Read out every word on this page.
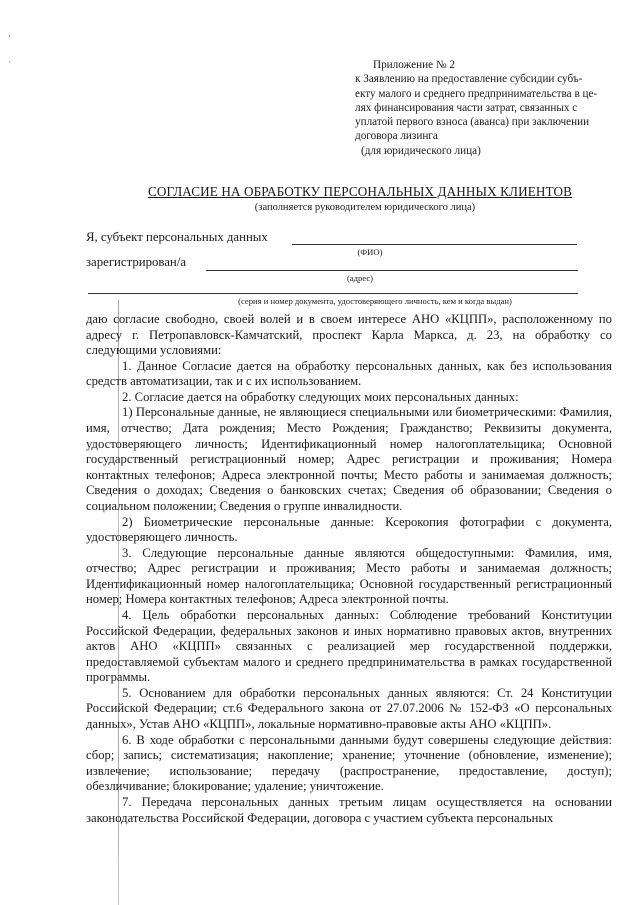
‘
·	Приложение № 2
к Заявлению на предоставление субсидии субъ-
екту малого и среднего предпринимательства в це-
лях финансирования части затрат, связанных с
уплатой первого взноса (аванса) при заключении
договора лизинга
(для юридического лица)
СОГЛАСИЕ НА ОБРАБОТКУ ПЕРСОНАЛЬНЫХ ДАННЫХ КЛИЕНТОВ
(заполняется руководителем юридического лица)
Я, субъект персональных данных
(ФИО)
зарегистрирован/а
(адрес)
(серия и номер документа, удостоверяющего личность, кем и когда выдан)

даю согласие свободно, своей волей и в своем интересе АНО «КЦПП», расположенному по адресу г. Петропавловск-Камчатский, проспект Карла Маркса, д. 23, на обработку со следующими условиями:

1. Данное Согласие дается на обработку персональных данных, как без использования средств автоматизации, так и с их использованием.

2. Согласие дается на обработку следующих моих персональных данных:

1) Персональные данные, не являющиеся специальными или биометрическими: Фамилия, имя, отчество; Дата рождения; Место Рождения; Гражданство; Реквизиты документа, удостоверяющего личность; Идентификационный номер налогоплательщика; Основной государственный регистрационный номер; Адрес регистрации и проживания; Номера контактных телефонов; Адреса электронной почты; Место работы и занимаемая должность; Сведения о доходах; Сведения о банковских счетах; Сведения об образовании; Сведения о социальном положении; Сведения о группе инвалидности.

2) Биометрические персональные данные: Ксерокопия фотографии с документа, удостоверяющего личность.

3. Следующие персональные данные являются общедоступными: Фамилия, имя, отчество; Адрес регистрации и проживания; Место работы и занимаемая должность; Идентификационный номер налогоплательщика; Основной государственный регистрационный номер; Номера контактных телефонов; Адреса электронной почты.

4. Цель обработки персональных данных: Соблюдение требований Конституции Российской Федерации, федеральных законов и иных нормативно правовых актов, внутренних актов АНО «КЦПП» связанных с реализацией мер государственной поддержки, предоставляемой субъектам малого и среднего предпринимательства в рамках государственной программы.

5. Основанием для обработки персональных данных являются: Ст. 24 Конституции Российской Федерации; ст.6 Федерального закона от 27.07.2006 № 152-ФЗ «О персональных данных», Устав АНО «КЦПП», локальные нормативно-правовые акты АНО «КЦПП».

6. В ходе обработки с персональными данными будут совершены следующие действия: сбор; запись; систематизация; накопление; хранение; уточнение (обновление, изменение); извлечение; использование; передачу (распространение, предоставление, доступ); обезличивание; блокирование; удаление; уничтожение.

7. Передача персональных данных третьим лицам осуществляется на основании законодательства Российской Федерации, договора с участием субъекта персональных
